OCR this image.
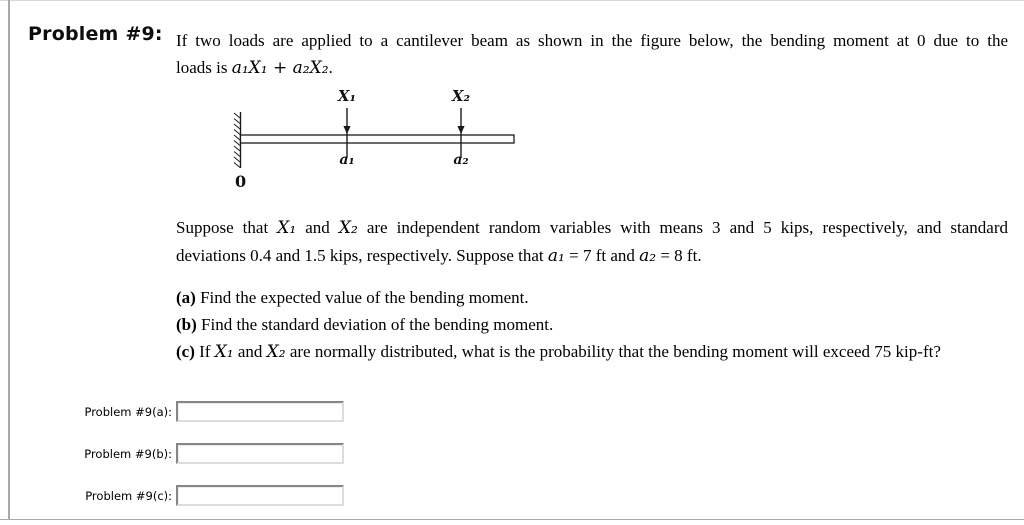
Problem #9: If two loads are applied to a cantilever beam as shown in the figure below, the bending moment at 0 due to the
loads is a₁X₁ + a₂X₂.
X₁	X₂
a₁	a₂
0
Suppose that X₁ and X₂ are independent random variables with means 3 and 5 kips, respectively, and standard
deviations 0.4 and 1.5 kips, respectively. Suppose that a₁ = 7 ft and a₂ = 8 ft.
(a) Find the expected value of the bending moment.
(b) Find the standard deviation of the bending moment.
(c) If X₁ and X₂ are normally distributed, what is the probability that the bending moment will exceed 75 kip-ft?
Problem #9(a):
Problem #9(b):
Problem #9(c):
